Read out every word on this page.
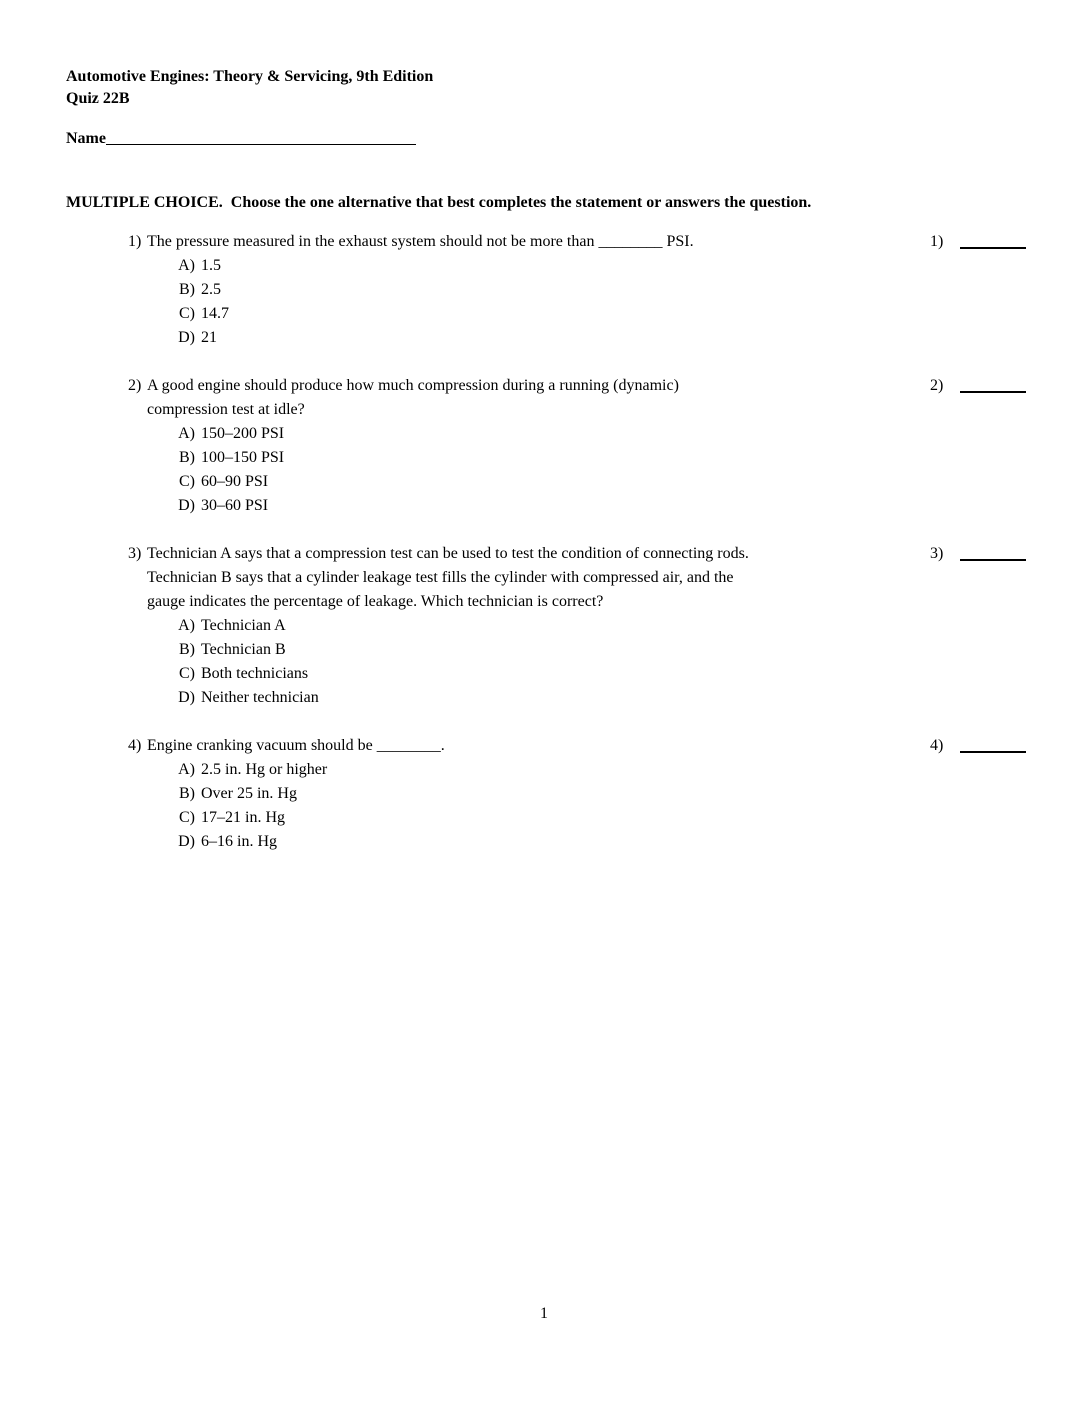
Automotive Engines: Theory & Servicing, 9th Edition
Quiz 22B
Name
MULTIPLE CHOICE.  Choose the one alternative that best completes the statement or answers the question.
1) The pressure measured in the exhaust system should not be more than ________ PSI.
A) 1.5
B) 2.5
C) 14.7
D) 21
1)
2) A good engine should produce how much compression during a running (dynamic)
compression test at idle?
A) 150–200 PSI
B) 100–150 PSI
C) 60–90 PSI
D) 30–60 PSI
2)
3) Technician A says that a compression test can be used to test the condition of connecting rods.
Technician B says that a cylinder leakage test fills the cylinder with compressed air, and the
gauge indicates the percentage of leakage. Which technician is correct?
A) Technician A
B) Technician B
C) Both technicians
D) Neither technician
3)
4) Engine cranking vacuum should be ________.
A) 2.5 in. Hg or higher
B) Over 25 in. Hg
C) 17–21 in. Hg
D) 6–16 in. Hg
4)
1
